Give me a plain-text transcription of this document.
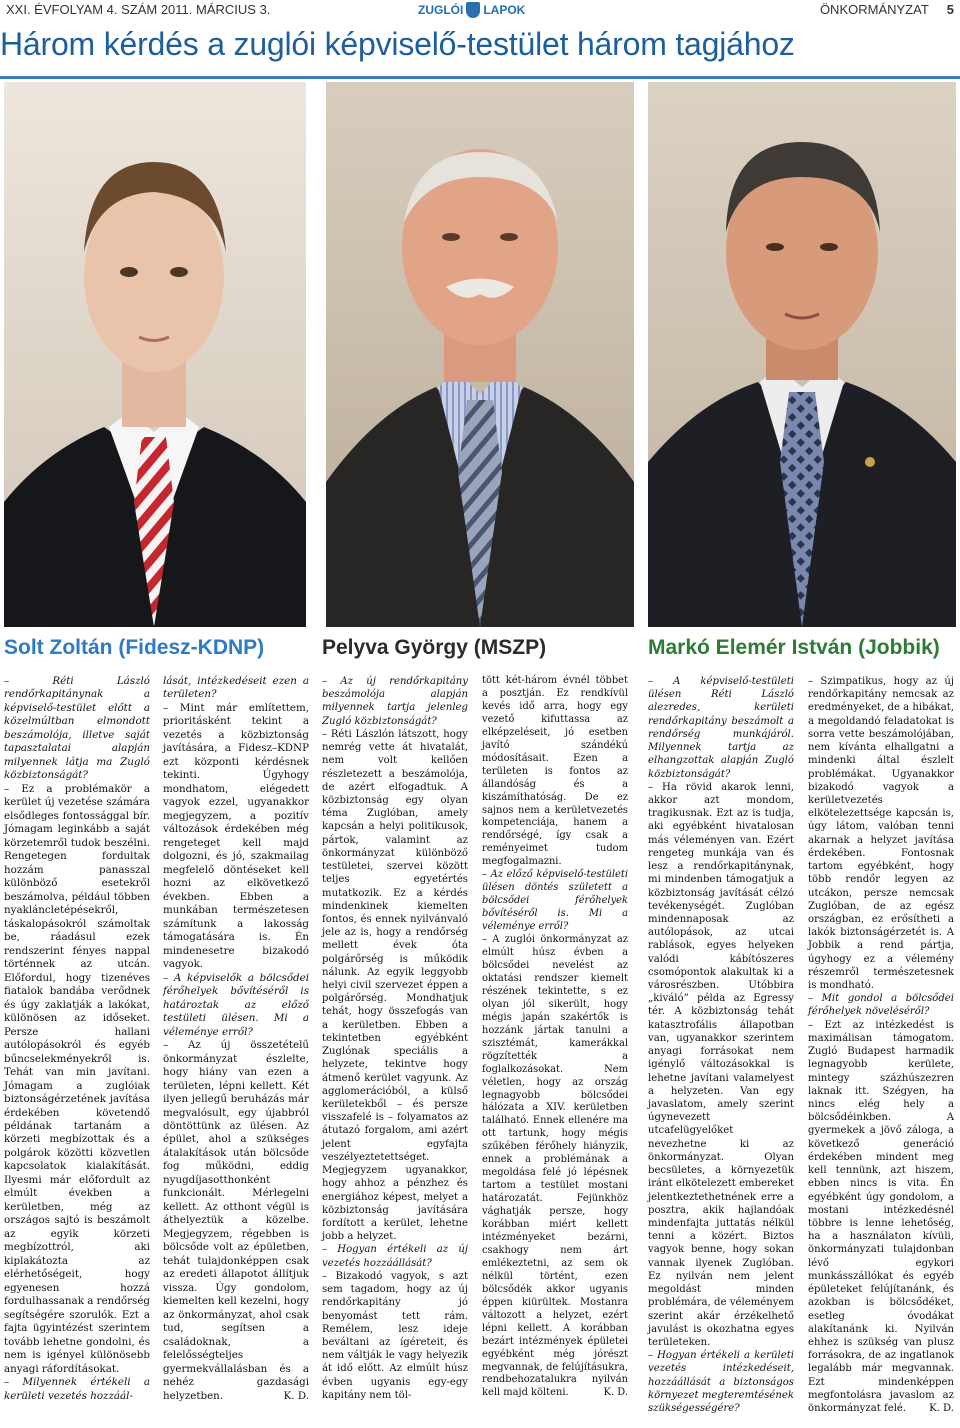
XXI. ÉVFOLYAM 4. SZÁM 2011. MÁRCIUS 3.	ZUGLÓI LAPOK	ÖNKORMÁNYZAT 5
Három kérdés a zuglói képviselő-testület három tagjához
Solt Zoltán (Fidesz-KDNP)	Pelyva György (MSZP)	Markó Elemér István (Jobbik)

– Réti László rendőrkapitánynak a képviselő-testület előtt a közelmúltban elmondott beszámolója, illetve saját tapasztalatai alapján milyennek látja ma Zugló közbiztonságát?

– Ez a problémakör a kerület új vezetése számára elsődleges fontossággal bír. Jómagam leginkább a saját körzetemről tudok beszélni. Rengetegen fordultak hozzám panasszal különböző esetekről beszámolva, például többen nyakláncletépésekről, táskalopásokról számoltak be, ráadásul ezek rendszerint fényes nappal történnek az utcán. Előfordul, hogy tizenéves fiatalok bandába verődnek és úgy zaklatják a lakókat, különösen az időseket. Persze hallani autólopásokról és egyéb bűncselekményekről is. Tehát van min javítani. Jómagam a zuglóiak biztonságérzetének javítása érdekében követendő példának tartanám a körzeti megbízottak és a polgárok közötti közvetlen kapcsolatok kialakítását. Ilyesmi már előfordult az elmúlt években a kerületben, még az országos sajtó is beszámolt az egyik körzeti megbízottról, aki kiplakátozta az elérhetőségeit, hogy egyenesen hozzá fordulhassanak a rendőrség segítségére szorulók. Ezt a fajta ügyintézést szerintem tovább lehetne gondolni, és nem is igényel különösebb anyagi ráfordításokat.

– Milyennek értékeli a kerületi vezetés hozzáál-

lását, intézkedéseit ezen a területen?

– Mint már említettem, prioritásként tekint a vezetés a közbiztonság javítására, a Fidesz–KDNP ezt központi kérdésnek tekinti. Úgyhogy mondhatom, elégedett vagyok ezzel, ugyanakkor megjegyzem, a pozitív változások érdekében még rengeteget kell majd dolgozni, és jó, szakmailag megfelelő döntéseket kell hozni az elkövetkező években. Ebben a munkában természetesen számítunk a lakosság támogatására is. Én mindenesetre bizakodó vagyok.

– A képviselők a bölcsődei férőhelyek bővítéséről is határoztak az előző testületi ülésen. Mi a véleménye erről?

– Az új összetételű önkormányzat észlelte, hogy hiány van ezen a területen, lépni kellett. Két ilyen jellegű beruházás már megvalósult, egy újabbról döntöttünk az ülésen. Az épület, ahol a szükséges átalakítások után bölcsőde fog működni, eddig nyugdíjasotthonként funkcionált. Mérlegelni kellett. Az otthont végül is áthelyeztük a közelbe. Megjegyzem, régebben is bölcsőde volt az épületben, tehát tulajdonképpen csak az eredeti állapotot állítjuk vissza. Úgy gondolom, kiemelten kell kezelni, hogy az önkormányzat, ahol csak tud, segítsen a családoknak, a felelősségteljes gyermekvállalásban és a nehéz gazdasági helyzetben.	K. D.

– Az új rendőrkapitány beszámolója alapján milyennek tartja jelenleg Zugló közbiztonságát?

– Réti Lászlón látszott, hogy nemrég vette át hivatalát, nem volt kellően részletezett a beszámolója, de azért elfogadtuk. A közbiztonság egy olyan téma Zuglóban, amely kapcsán a helyi politikusok, pártok, valamint az önkormányzat különböző testületei, szervei között teljes egyetértés mutatkozik. Ez a kérdés mindenkinek kiemelten fontos, és ennek nyilvánvaló jele az is, hogy a rendőrség mellett évek óta polgárőrség is működik nálunk. Az egyik leggyobb helyi civil szervezet éppen a polgárőrség. Mondhatjuk tehát, hogy összefogás van a kerületben. Ebben a tekintetben egyébként Zuglónak speciális a helyzete, tekintve hogy átmenő kerület vagyunk. Az agglomerációból, a külső kerületekből – és persze visszafelé is – folyamatos az átutazó forgalom, ami azért jelent egyfajta veszélyeztetettséget. Megjegyzem ugyanakkor, hogy ahhoz a pénzhez és energiához képest, melyet a közbiztonság javítására fordított a kerület, lehetne jobb a helyzet.

– Hogyan értékeli az új vezetés hozzáállását?

– Bizakodó vagyok, s azt sem tagadom, hogy az új rendőrkapitány jó benyomást tett rám. Remélem, lesz ideje beváltani az ígéreteit, és nem váltják le vagy helyezik át idő előtt. Az elmúlt húsz évben ugyanis egy-egy kapitány nem töl-

tött két-három évnél többet a posztján. Ez rendkívül kevés idő arra, hogy egy vezető kifuttassa az elképzeléseit, jó esetben javító szándékú módosításait. Ezen a területen is fontos az állandóság és a kiszámíthatóság. De ez sajnos nem a kerületvezetés kompetenciája, hanem a rendőrségé, így csak a reményeimet tudom megfogalmazni.

– Az előző képviselő-testületi ülésen döntés született a bölcsődei férőhelyek bővítéséről is. Mi a véleménye erről?

– A zuglói önkormányzat az elmúlt húsz évben a bölcsődei nevelést az oktatási rendszer kiemelt részének tekintette, s ez olyan jól sikerült, hogy mégis japán szakértők is hozzánk jártak tanulni a szisztémát, kamerákkal rögzítették a foglalkozásokat. Nem véletlen, hogy az ország legnagyobb bölcsődei hálózata a XIV. kerületben található. Ennek ellenére ma ott tartunk, hogy mégis szűkében férőhely hiányzik, ennek a problémának a megoldása felé jó lépésnek tartom a testület mostani határozatát. Fejünkhöz vághatják persze, hogy korábban miért kellett intézményeket bezárni, csakhogy nem árt emlékeztetni, az sem ok nélkül történt, ezen bölcsődék akkor ugyanis éppen kiürültek. Mostanra változott a helyzet, ezért lépni kellett. A korábban bezárt intézmények épületei egyébként még jórészt megvannak, de felújításukra, rendbehozatalukra nyilván kell majd költeni.	K. D.

– A képviselő-testületi ülésen Réti László alezredes, kerületi rendőrkapitány beszámolt a rendőrség munkájáról. Milyennek tartja az elhangzottak alapján Zugló közbiztonságát?

– Ha rövid akarok lenni, akkor azt mondom, tragikusnak. Ezt az is tudja, aki egyébként hivatalosan más véleményen van. Ezért rengeteg munkája van és lesz a rendőrkapitánynak, mi mindenben támogatjuk a közbiztonság javítását célzó tevékenységét. Zuglóban mindennaposak az autólopások, az utcai rablások, egyes helyeken valódi kábítószeres csomópontok alakultak ki a városrészben. Utóbbira „kiváló” példa az Egressy tér. A közbiztonság tehát katasztrofális állapotban van, ugyanakkor szerintem anyagi forrásokat nem igénylő változásokkal is lehetne javítani valamelyest a helyzeten. Van egy javaslatom, amely szerint úgynevezett utcafelügyelőket nevezhetne ki az önkormányzat. Olyan becsületes, a környezetük iránt elkötelezett embereket jelentkeztethetnének erre a posztra, akik hajlandóak mindenfajta juttatás nélkül tenni a közért. Biztos vagyok benne, hogy sokan vannak ilyenek Zuglóban. Ez nyilván nem jelent megoldást minden problémára, de véleményem szerint akár érzékelhető javulást is okozhatna egyes területeken.

– Hogyan értékeli a kerületi vezetés intézkedéseit, hozzáállását a biztonságos környezet megteremtésének szükségességére?

– Szimpatikus, hogy az új rendőrkapitány nemcsak az eredményeket, de a hibákat, a megoldandó feladatokat is sorra vette beszámolójában, nem kívánta elhallgatni a mindenki által észlelt problémákat. Ugyanakkor bizakodó vagyok a kerületvezetés elkötelezettsége kapcsán is, úgy látom, valóban tenni akarnak a helyzet javítása érdekében. Fontosnak tartom egyébként, hogy több rendőr legyen az utcákon, persze nemcsak Zuglóban, de az egész országban, ez erősítheti a lakók biztonságérzetét is. A Jobbik a rend pártja, úgyhogy ez a vélemény részemről természetesnek is mondható.

– Mit gondol a bölcsődei férőhelyek növeléséről?

– Ezt az intézkedést is maximálisan támogatom. Zugló Budapest harmadik legnagyobb kerülete, mintegy százhúszezren laknak itt. Szégyen, ha nincs elég hely a bölcsődéinkben. A gyermekek a jövő záloga, a következő generáció érdekében mindent meg kell tennünk, azt hiszem, ebben nincs is vita. Én egyébként úgy gondolom, a mostani intézkedésnél többre is lenne lehetőség, ha a használaton kívüli, önkormányzati tulajdonban lévő egykori munkásszállókat és egyéb épületeket felújítanánk, és azokban is bölcsődéket, esetleg óvodákat alakítanánk ki. Nyilván ehhez is szükség van plusz forrásokra, de az ingatlanok legalább már megvannak. Ezt mindenképpen megfontolásra javaslom az önkormányzat felé. K. D.
